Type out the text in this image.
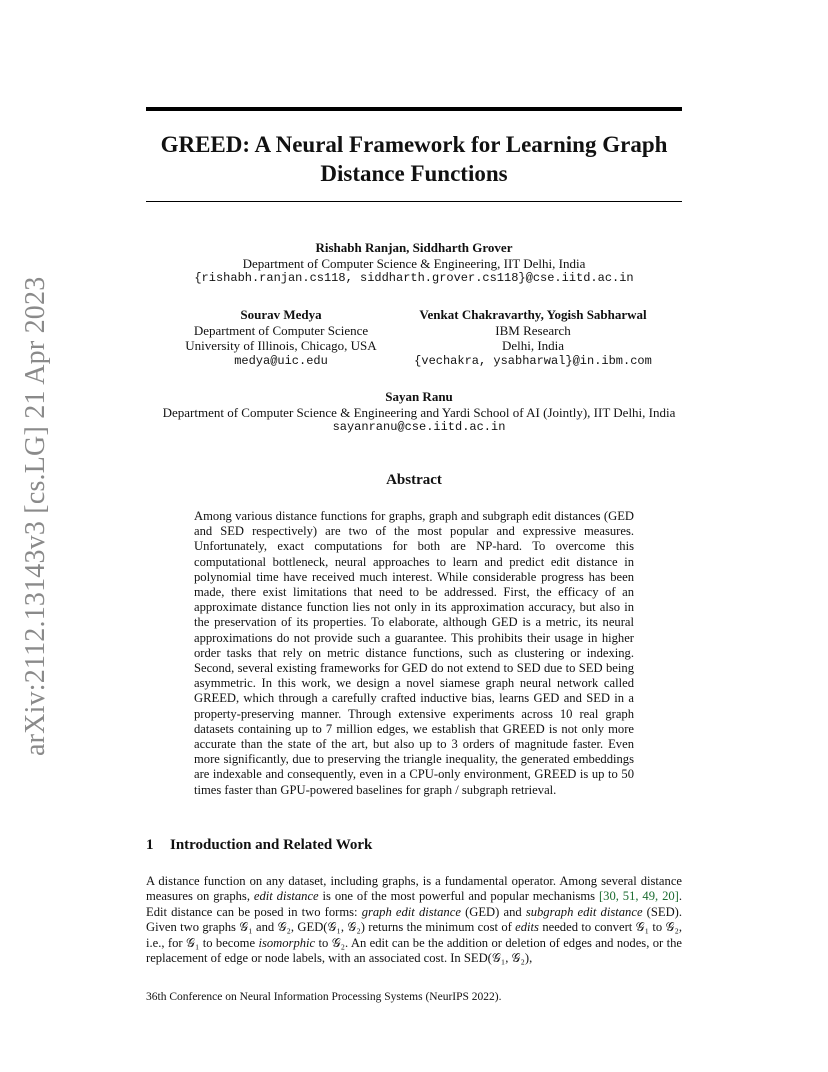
arXiv:2112.13143v3 [cs.LG] 21 Apr 2023
GREED: A Neural Framework for Learning Graph
Distance Functions
Rishabh Ranjan, Siddharth Grover
Department of Computer Science & Engineering, IIT Delhi, India
{rishabh.ranjan.cs118, siddharth.grover.cs118}@cse.iitd.ac.in
Sourav Medya
Department of Computer Science
University of Illinois, Chicago, USA
medya@uic.edu
Venkat Chakravarthy, Yogish Sabharwal
IBM Research
Delhi, India
{vechakra, ysabharwal}@in.ibm.com
Sayan Ranu
Department of Computer Science & Engineering and Yardi School of AI (Jointly), IIT Delhi, India
sayanranu@cse.iitd.ac.in
Abstract

Among various distance functions for graphs, graph and subgraph edit distances (GED and SED respectively) are two of the most popular and expressive measures. Unfortunately, exact computations for both are NP-hard. To overcome this computational bottleneck, neural approaches to learn and predict edit distance in polynomial time have received much interest. While considerable progress has been made, there exist limitations that need to be addressed. First, the efficacy of an approximate distance function lies not only in its approximation accuracy, but also in the preservation of its properties. To elaborate, although GED is a metric, its neural approximations do not provide such a guarantee. This prohibits their usage in higher order tasks that rely on metric distance functions, such as clustering or indexing. Second, several existing frameworks for GED do not extend to SED due to SED being asymmetric. In this work, we design a novel siamese graph neural network called GREED, which through a carefully crafted inductive bias, learns GED and SED in a property-preserving manner. Through extensive experiments across 10 real graph datasets containing up to 7 million edges, we establish that GREED is not only more accurate than the state of the art, but also up to 3 orders of magnitude faster. Even more significantly, due to preserving the triangle inequality, the generated embeddings are indexable and consequently, even in a CPU-only environment, GREED is up to 50 times faster than GPU-powered baselines for graph / subgraph retrieval.

1 Introduction and Related Work

A distance function on any dataset, including graphs, is a fundamental operator. Among several distance measures on graphs, edit distance is one of the most powerful and popular mechanisms [30, 51, 49, 20]. Edit distance can be posed in two forms: graph edit distance (GED) and subgraph edit distance (SED). Given two graphs 𝒢₁ and 𝒢₂, GED(𝒢₁, 𝒢₂) returns the minimum cost of edits needed to convert 𝒢₁ to 𝒢₂, i.e., for 𝒢₁ to become isomorphic to 𝒢₂. An edit can be the addition or deletion of edges and nodes, or the replacement of edge or node labels, with an associated cost. In SED(𝒢₁, 𝒢₂),

36th Conference on Neural Information Processing Systems (NeurIPS 2022).
